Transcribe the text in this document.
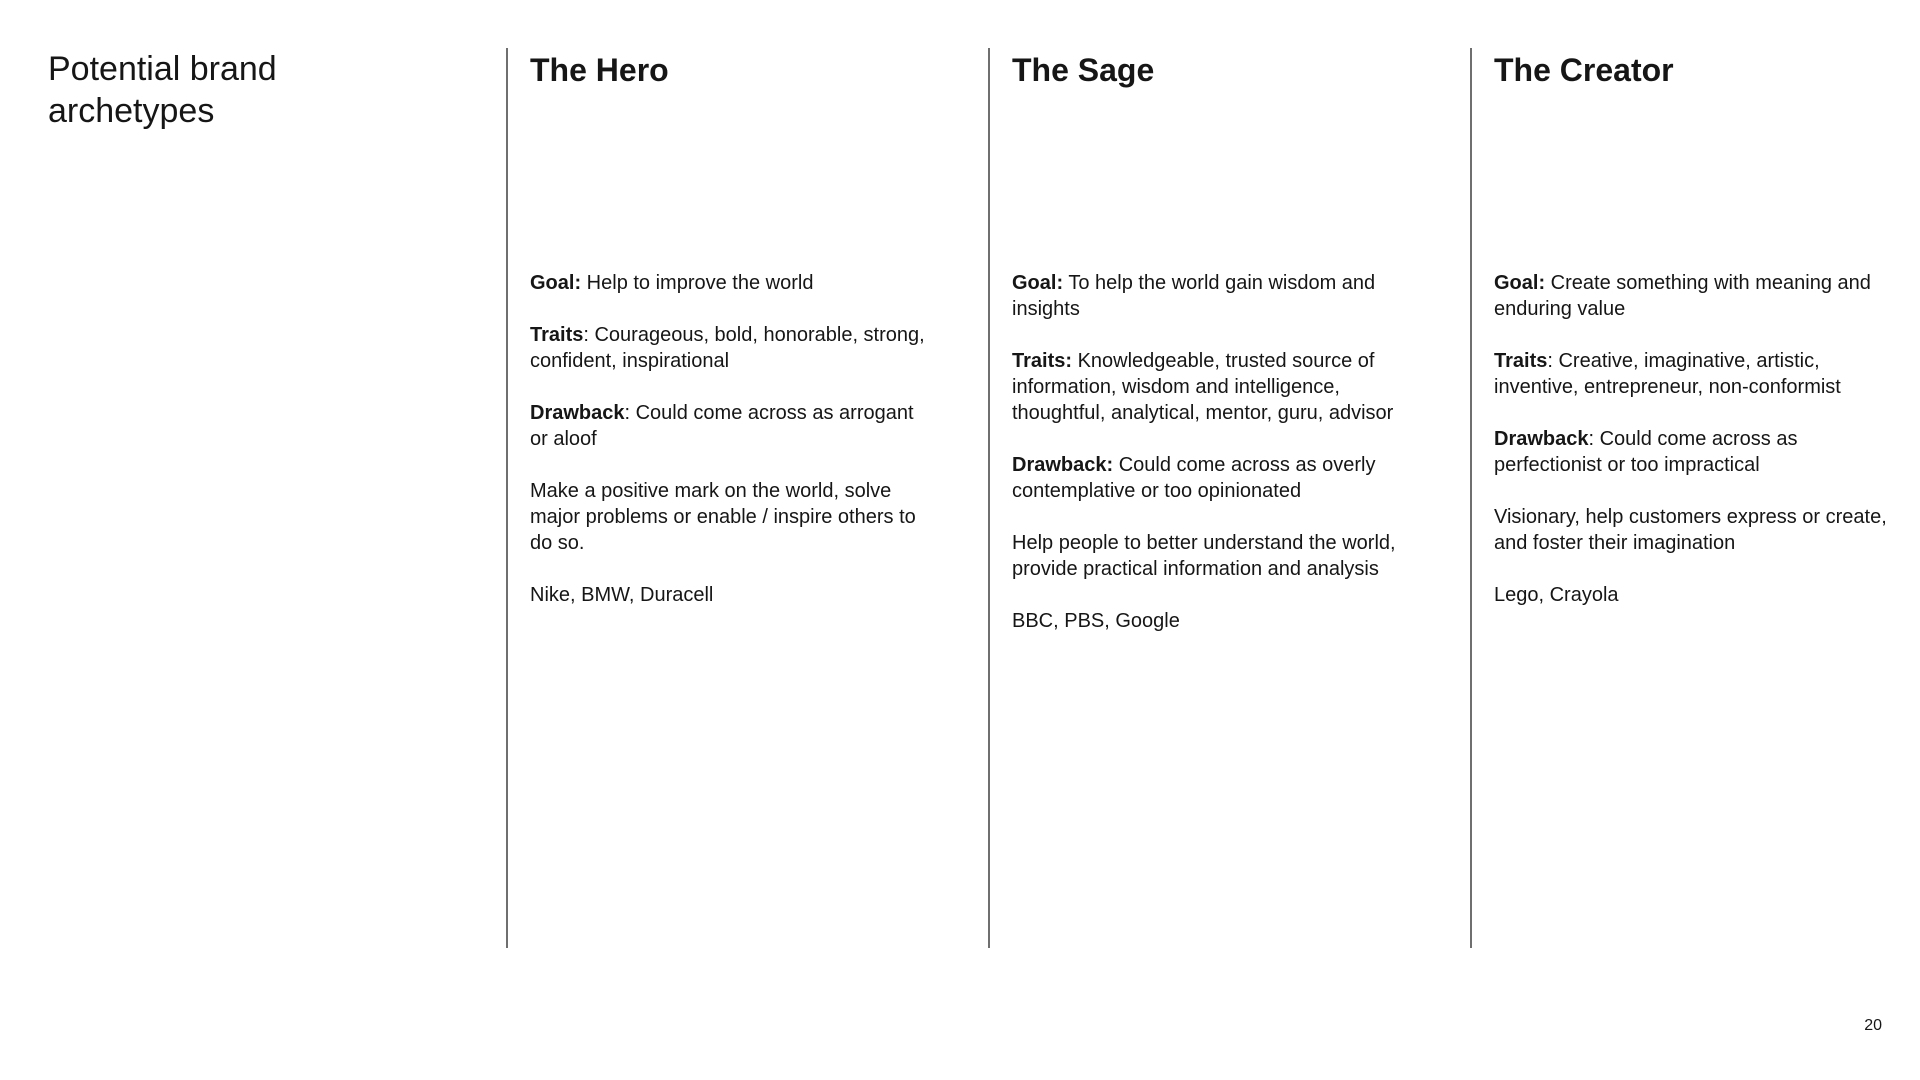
Potential brand archetypes
The Hero

Goal: Help to improve the world

Traits: Courageous, bold, honorable, strong, confident, inspirational

Drawback: Could come across as arrogant or aloof

Make a positive mark on the world, solve major problems or enable / inspire others to do so.

Nike, BMW, Duracell

The Sage

Goal: To help the world gain wisdom and insights

Traits: Knowledgeable, trusted source of information, wisdom and intelligence, thoughtful, analytical, mentor, guru, advisor

Drawback: Could come across as overly contemplative or too opinionated

Help people to better understand the world, provide practical information and analysis

BBC, PBS, Google

The Creator

Goal: Create something with meaning and enduring value

Traits: Creative, imaginative, artistic, inventive, entrepreneur, non-conformist

Drawback: Could come across as perfectionist or too impractical

Visionary, help customers express or create, and foster their imagination

Lego, Crayola

20
